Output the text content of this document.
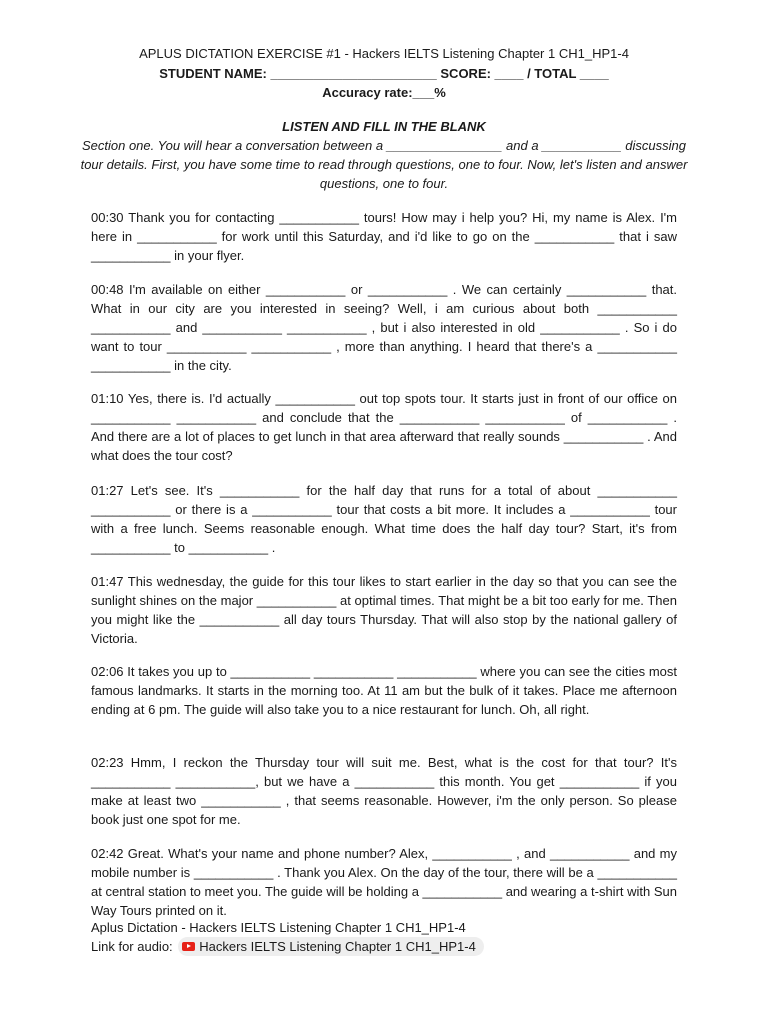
APLUS DICTATION EXERCISE #1 - Hackers IELTS Listening Chapter 1 CH1_HP1-4
STUDENT NAME: _______________________ SCORE: ____ / TOTAL ____
Accuracy rate:___%
LISTEN AND FILL IN THE BLANK
Section one. You will hear a conversation between a ________________ and a ___________ discussing tour details. First, you have some time to read through questions, one to four. Now, let's listen and answer questions, one to four.
00:30 Thank you for contacting ___________ tours! How may i help you? Hi, my name is Alex. I'm here in ___________ for work until this Saturday, and i'd like to go on the ___________ that i saw ___________ in your flyer.
00:48 I'm available on either ___________ or ___________ . We can certainly ___________ that. What in our city are you interested in seeing? Well, i am curious about both ___________ ___________ and ___________ ___________ , but i also interested in old ___________ . So i do want to tour ___________ ___________ , more than anything. I heard that there's a ___________ ___________ in the city.
01:10 Yes, there is. I'd actually ___________ out top spots tour. It starts just in front of our office on ___________ ___________ and conclude that the ___________ ___________ of ___________ . And there are a lot of places to get lunch in that area afterward that really sounds ___________ . And what does the tour cost?
01:27 Let's see. It's ___________ for the half day that runs for a total of about ___________ ___________ or there is a ___________ tour that costs a bit more. It includes a ___________ tour with a free lunch. Seems reasonable enough. What time does the half day tour? Start, it's from ___________ to ___________ .
01:47 This wednesday, the guide for this tour likes to start earlier in the day so that you can see the sunlight shines on the major ___________ at optimal times. That might be a bit too early for me. Then you might like the ___________ all day tours Thursday. That will also stop by the national gallery of Victoria.
02:06 It takes you up to ___________ ___________ ___________ where you can see the cities most famous landmarks. It starts in the morning too. At 11 am but the bulk of it takes. Place me afternoon ending at 6 pm. The guide will also take you to a nice restaurant for lunch. Oh, all right.
02:23 Hmm, I reckon the Thursday tour will suit me. Best, what is the cost for that tour? It's ___________ ___________, but we have a ___________ this month. You get ___________ if you make at least two ___________ , that seems reasonable. However, i'm the only person. So please book just one spot for me.
02:42 Great. What's your name and phone number? Alex, ___________ , and ___________ and my mobile number is ___________ . Thank you Alex. On the day of the tour, there will be a ___________ at central station to meet you. The guide will be holding a ___________ and wearing a t-shirt with Sun Way Tours printed on it.
Aplus Dictation - Hackers IELTS Listening Chapter 1 CH1_HP1-4
Link for audio: Hackers IELTS Listening Chapter 1 CH1_HP1-4
